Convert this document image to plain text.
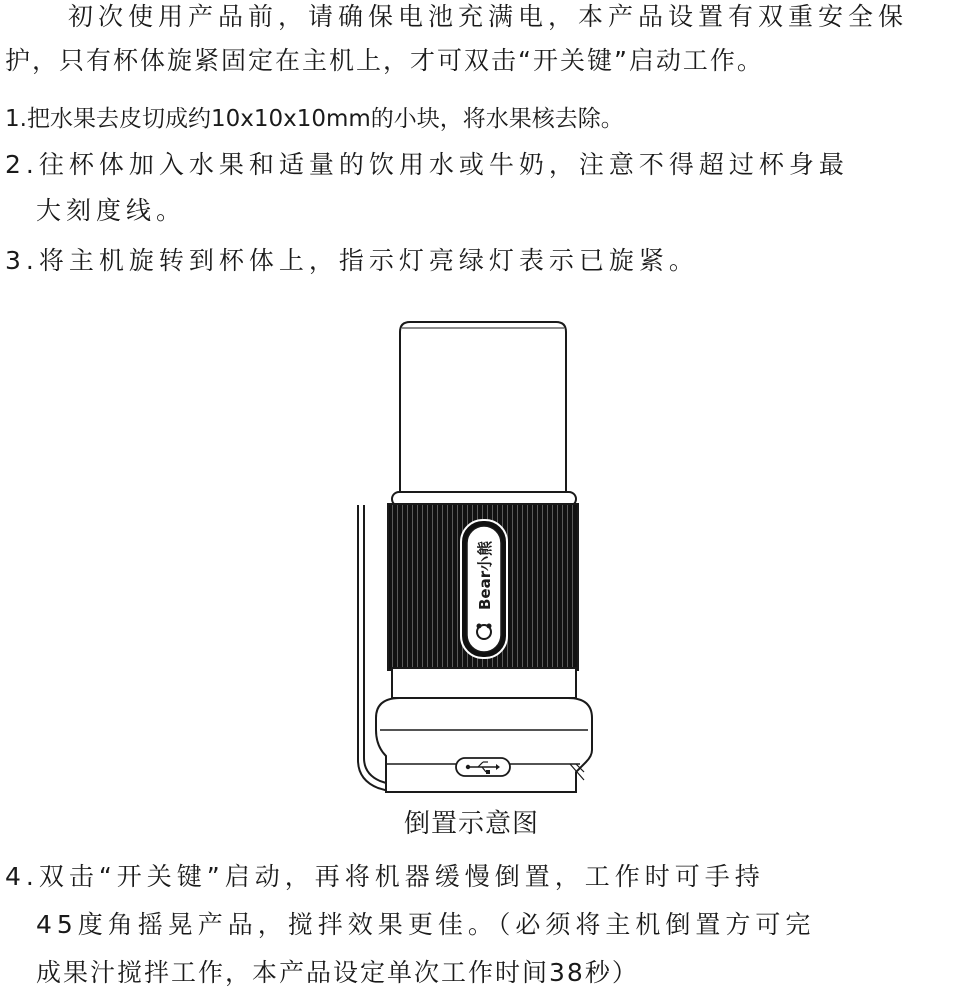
初次使用产品前，请确保电池充满电，本产品设置有双重安全保
护，只有杯体旋紧固定在主机上，才可双击“开关键”启动工作。
1.把水果去皮切成约10x10x10mm的小块，将水果核去除。
2.往杯体加入水果和适量的饮用水或牛奶，注意不得超过杯身最
大刻度线。
3.将主机旋转到杯体上，指示灯亮绿灯表示已旋紧。
Bear小熊
倒置示意图
4.双击“开关键”启动，再将机器缓慢倒置，工作时可手持
45度角摇晃产品，搅拌效果更佳。（必须将主机倒置方可完
成果汁搅拌工作，本产品设定单次工作时间38秒）
